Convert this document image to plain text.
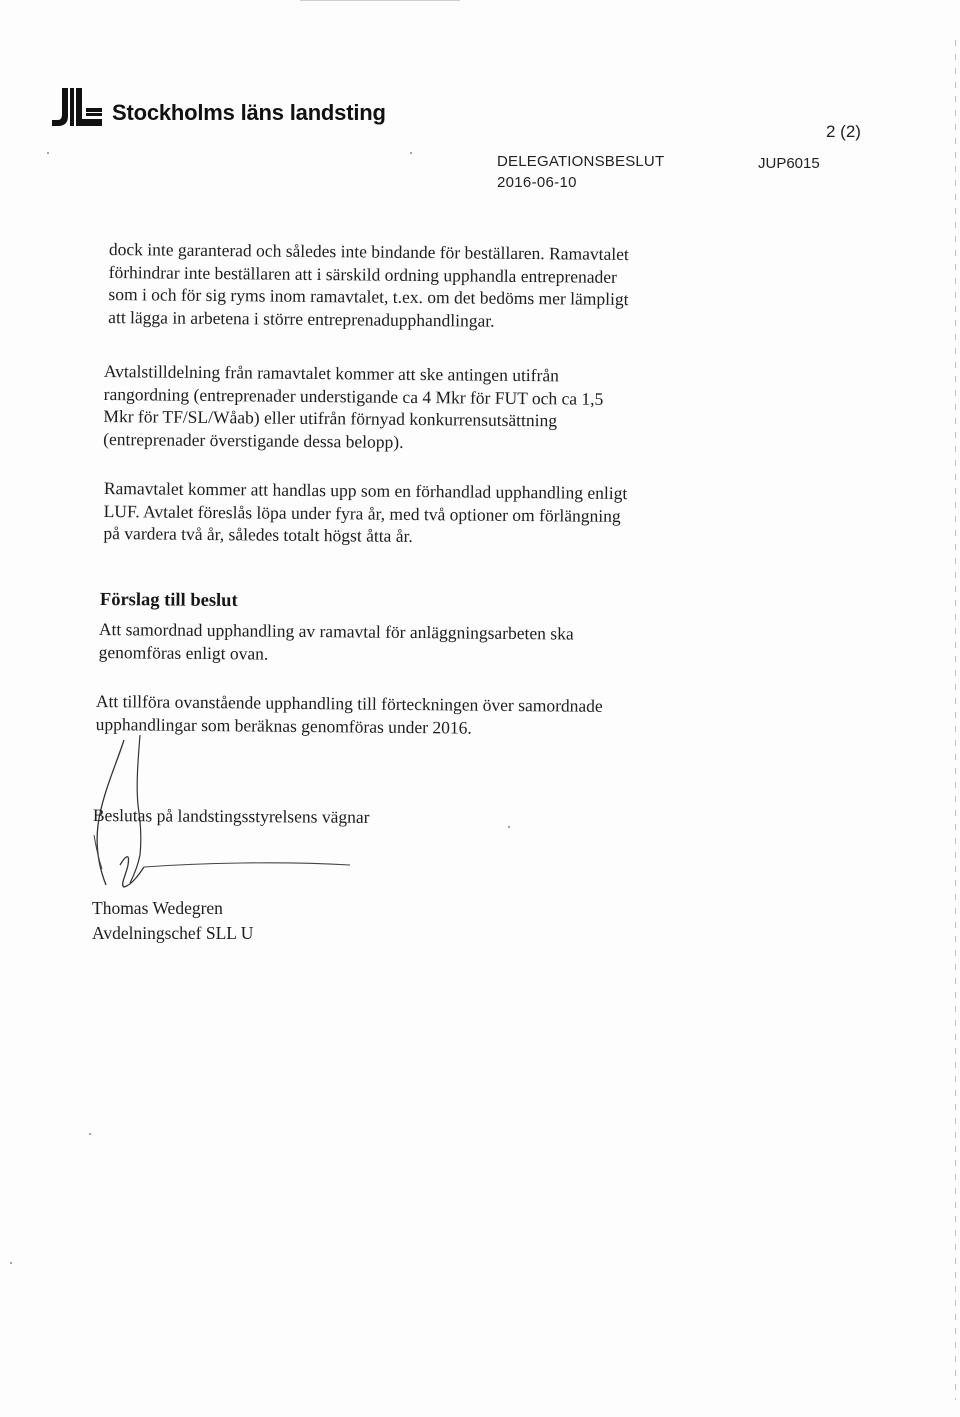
Stockholms läns landsting
2 (2)
DELEGATIONSBESLUT
2016-06-10
JUP6015

dock inte garanterad och således inte bindande för beställaren. Ramavtalet
förhindrar inte beställaren att i särskild ordning upphandla entreprenader
som i och för sig ryms inom ramavtalet, t.ex. om det bedöms mer lämpligt
att lägga in arbetena i större entreprenadupphandlingar.

Avtalstilldelning från ramavtalet kommer att ske antingen utifrån
rangordning (entreprenader understigande ca 4 Mkr för FUT och ca 1,5
Mkr för TF/SL/Wåab) eller utifrån förnyad konkurrensutsättning
(entreprenader överstigande dessa belopp).

Ramavtalet kommer att handlas upp som en förhandlad upphandling enligt
LUF. Avtalet föreslås löpa under fyra år, med två optioner om förlängning
på vardera två år, således totalt högst åtta år.

Förslag till beslut

Att samordnad upphandling av ramavtal för anläggningsarbeten ska
genomföras enligt ovan.

Att tillföra ovanstående upphandling till förteckningen över samordnade
upphandlingar som beräknas genomföras under 2016.

Beslutas på landstingsstyrelsens vägnar
Thomas Wedegren
Avdelningschef SLL U
